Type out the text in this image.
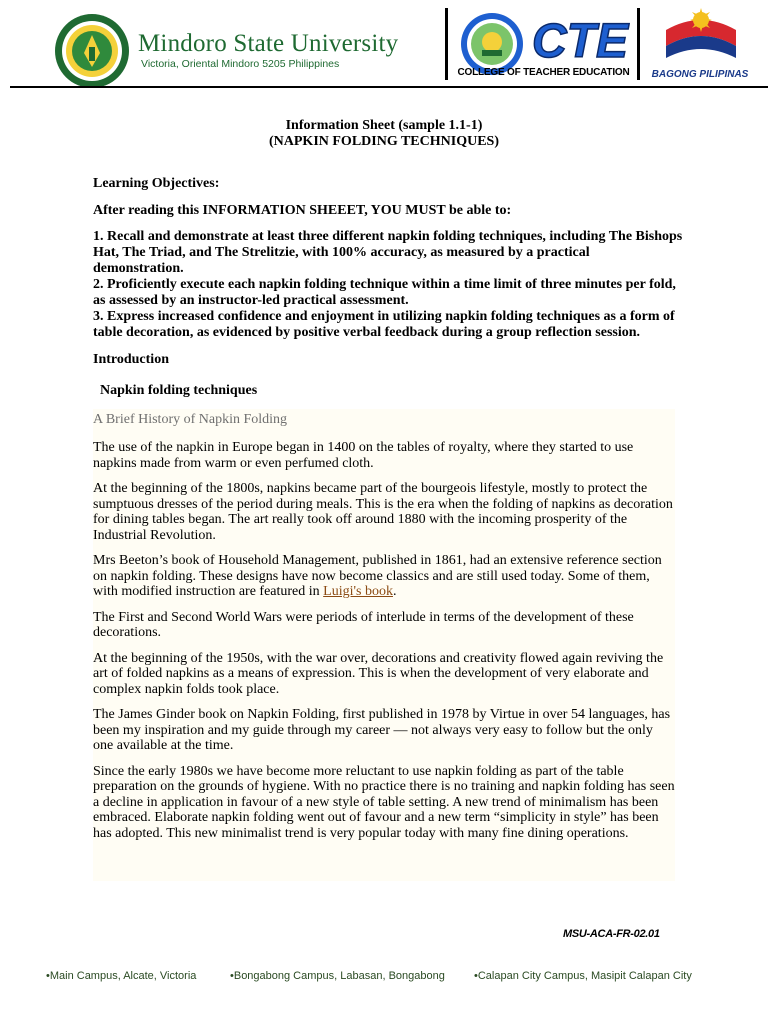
Mindoro State University
Victoria, Oriental Mindoro 5205 Philippines	CTE
COLLEGE OF TEACHER EDUCATION	BAGONG PILIPINAS
Information Sheet (sample 1.1-1)
(NAPKIN FOLDING TECHNIQUES)
Learning Objectives:
After reading this INFORMATION SHEEET, YOU MUST be able to:
1. Recall and demonstrate at least three different napkin folding techniques, including The Bishops Hat, The Triad, and The Strelitzie, with 100% accuracy, as measured by a practical demonstration.
2. Proficiently execute each napkin folding technique within a time limit of three minutes per fold, as assessed by an instructor-led practical assessment.
3. Express increased confidence and enjoyment in utilizing napkin folding techniques as a form of table decoration, as evidenced by positive verbal feedback during a group reflection session.
Introduction
Napkin folding techniques
A Brief History of Napkin Folding

The use of the napkin in Europe began in 1400 on the tables of royalty, where they started to use napkins made from warm or even perfumed cloth.

At the beginning of the 1800s, napkins became part of the bourgeois lifestyle, mostly to protect the sumptuous dresses of the period during meals. This is the era when the folding of napkins as decoration for dining tables began. The art really took off around 1880 with the incoming prosperity of the Industrial Revolution.

Mrs Beeton’s book of Household Management, published in 1861, had an extensive reference section on napkin folding. These designs have now become classics and are still used today. Some of them, with modified instruction are featured in Luigi's book.

The First and Second World Wars were periods of interlude in terms of the development of these decorations.

At the beginning of the 1950s, with the war over, decorations and creativity flowed again reviving the art of folded napkins as a means of expression. This is when the development of very elaborate and complex napkin folds took place.

The James Ginder book on Napkin Folding, first published in 1978 by Virtue in over 54 languages, has been my inspiration and my guide through my career — not always very easy to follow but the only one available at the time.

Since the early 1980s we have become more reluctant to use napkin folding as part of the table preparation on the grounds of hygiene. With no practice there is no training and napkin folding has seen a decline in application in favour of a new style of table setting. A new trend of minimalism has been embraced. Elaborate napkin folding went out of favour and a new term “simplicity in style” has been has adopted. This new minimalist trend is very popular today with many fine dining operations.

MSU-ACA-FR-02.01
•Main Campus, Alcate, Victoria	•Bongabong Campus, Labasan, Bongabong	•Calapan City Campus, Masipit Calapan City
